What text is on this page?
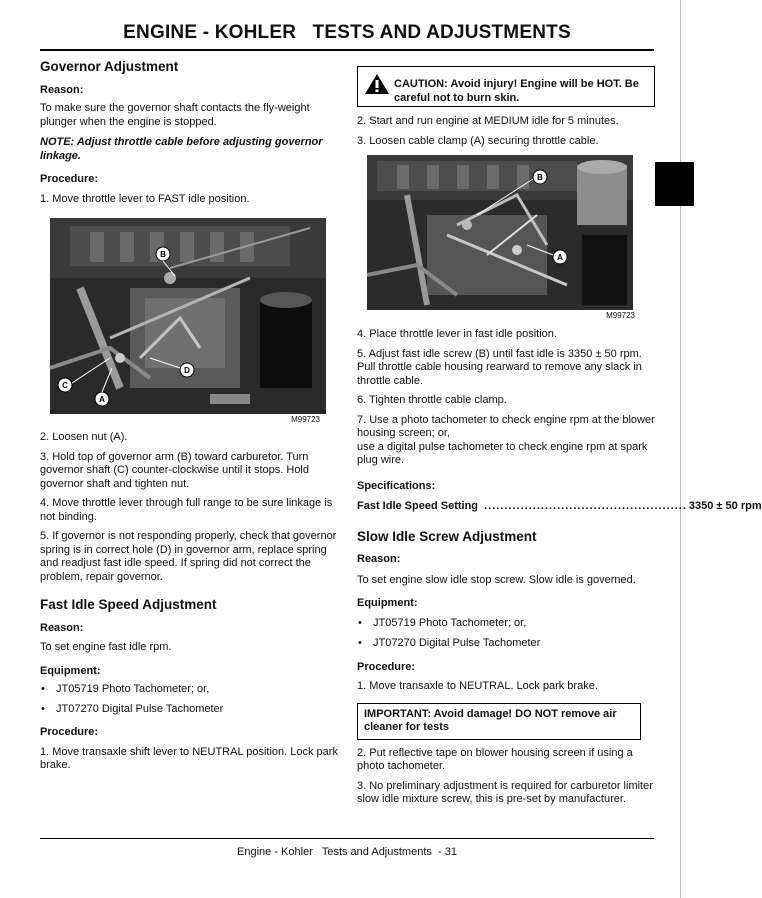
ENGINE - KOHLER   TESTS AND ADJUSTMENTS

Governor Adjustment

Reason:

To make sure the governor shaft contacts the fly-weight plunger when the engine is stopped.

NOTE: Adjust throttle cable before adjusting governor linkage.

Procedure:

1. Move throttle lever to FAST idle position.

B
C
D
A
M99723

2. Loosen nut (A).

3. Hold top of governor arm (B) toward carburetor. Turn governor shaft (C) counter-clockwise until it stops. Hold governor shaft and tighten nut.

4. Move throttle lever through full range to be sure linkage is not binding.

5. If governor is not responding properly, check that governor spring is in correct hole (D) in governor arm, replace spring and readjust fast idle speed. If spring did not correct the problem, repair governor.

Fast Idle Speed Adjustment

Reason:

To set engine fast idle rpm.

Equipment:

• JT05719 Photo Tachometer; or,
• JT07270 Digital Pulse Tachometer

Procedure:

1. Move transaxle shift lever to NEUTRAL position. Lock park brake.

CAUTION: Avoid injury! Engine will be HOT. Be careful not to burn skin.

2. Start and run engine at MEDIUM idle for 5 minutes.

3. Loosen cable clamp (A) securing throttle cable.

B
A
M99723

4. Place throttle lever in fast idle position.

5. Adjust fast idle screw (B) until fast idle is 3350 ± 50 rpm. Pull throttle cable housing rearward to remove any slack in throttle cable.

6. Tighten throttle cable clamp.

7. Use a photo tachometer to check engine rpm at the blower housing screen; or,
use a digital pulse tachometer to check engine rpm at spark plug wire.

Specifications:

Fast Idle Speed Setting .................................................. 3350 ± 50 rpm

Slow Idle Screw Adjustment

Reason:

To set engine slow idle stop screw. Slow idle is governed.

Equipment:

• JT05719 Photo Tachometer; or,
• JT07270 Digital Pulse Tachometer

Procedure:

1. Move transaxle to NEUTRAL. Lock park brake.

IMPORTANT: Avoid damage! DO NOT remove air cleaner for tests

2. Put reflective tape on blower housing screen if using a photo tachometer.

3. No preliminary adjustment is required for carburetor limiter slow idle mixture screw, this is pre-set by manufacturer.

Engine - Kohler   Tests and Adjustments  - 31
